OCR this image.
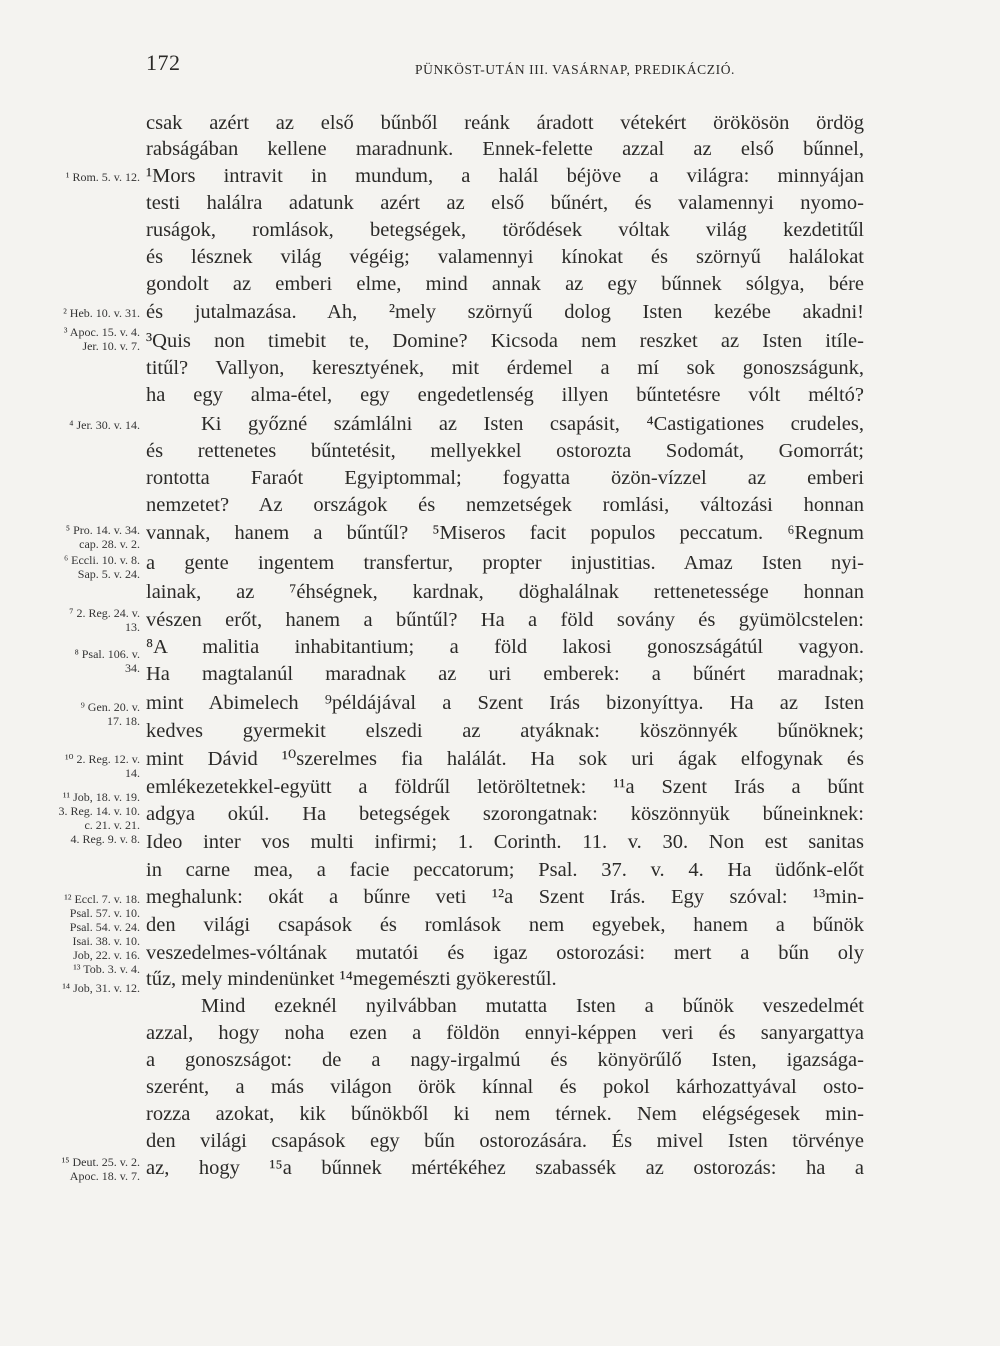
172	PÜNKÖST-UTÁN III. VASÁRNAP, PREDIKÁCZIÓ.
csak azért az első bűnből reánk áradott vétekért örökösön ördög
rabságában kellene maradnunk. Ennek-felette azzal az első bűnnel,
¹Mors intravit in mundum, a halál béjöve a világra: minnyájan
testi halálra adatunk azért az első bűnért, és valamennyi nyomo-
ruságok, romlások, betegségek, törődések vóltak világ kezdetitűl
és lésznek világ végéig; valamennyi kínokat és szörnyű halálokat
gondolt az emberi elme, mind annak az egy bűnnek sólgya, bére
és jutalmazása. Ah, ²mely szörnyű dolog Isten kezébe akadni!
³Quis non timebit te, Domine? Kicsoda nem reszket az Isten itíle-
titűl? Vallyon, keresztyének, mit érdemel a mí sok gonoszságunk,
ha egy alma-étel, egy engedetlenség illyen bűntetésre vólt méltó?
Ki győzné számlálni az Isten csapásit, ⁴Castigationes crudeles,
és rettenetes bűntetésit, mellyekkel ostorozta Sodomát, Gomorrát;
rontotta Faraót Egyiptommal; fogyatta özön-vízzel az emberi
nemzetet? Az országok és nemzetségek romlási, változási honnan
vannak, hanem a bűntűl? ⁵Miseros facit populos peccatum. ⁶Regnum
a gente ingentem transfertur, propter injustitias. Amaz Isten nyi-
lainak, az ⁷éhségnek, kardnak, döghalálnak rettenetessége honnan
vészen erőt, hanem a bűntűl? Ha a föld sovány és gyümölcstelen:
⁸A malitia inhabitantium; a föld lakosi gonoszságátúl vagyon.
Ha magtalanúl maradnak az uri emberek: a bűnért maradnak;
mint Abimelech ⁹példájával a Szent Irás bizonyíttya. Ha az Isten
kedves gyermekit elszedi az atyáknak: köszönnyék bűnöknek;
mint Dávid ¹⁰szerelmes fia halálát. Ha sok uri ágak elfogynak és
emlékezetekkel-együtt a földrűl letöröltetnek: ¹¹a Szent Irás a bűnt
adgya okúl. Ha betegségek szorongatnak: köszönnyük bűneinknek:
Ideo inter vos multi infirmi; 1. Corinth. 11. v. 30. Non est sanitas
in carne mea, a facie peccatorum; Psal. 37. v. 4. Ha üdőnk-előt
meghalunk: okát a bűnre veti ¹²a Szent Irás. Egy szóval: ¹³min-
den világi csapások és romlások nem egyebek, hanem a bűnök
veszedelmes-vóltának mutatói és igaz ostorozási: mert a bűn oly
tűz, mely mindenünket ¹⁴megemészti gyökerestűl.
Mind ezeknél nyilvábban mutatta Isten a bűnök veszedelmét
azzal, hogy noha ezen a földön ennyi-képpen veri és sanyargattya
a gonoszságot: de a nagy-irgalmú és könyörűlő Isten, igazsága-
szerént, a más világon örök kínnal és pokol kárhozattyával osto-
rozza azokat, kik bűnökből ki nem térnek. Nem elégségesek min-
den világi csapások egy bűn ostorozására. És mivel Isten törvénye
az, hogy ¹⁵a bűnnek mértékéhez szabassék az ostorozás: ha a
¹ Rom. 5. v. 12.
² Heb. 10. v. 31.
³ Apoc. 15. v. 4.
Jer. 10. v. 7.
⁴ Jer. 30. v. 14.
⁵ Pro. 14. v. 34.
cap. 28. v. 2.
⁶ Eccli. 10. v. 8.
Sap. 5. v. 24.
⁷ 2. Reg. 24. v.
13.
⁸ Psal. 106. v.
34.
⁹ Gen. 20. v.
17. 18.
¹⁰ 2. Reg. 12. v.
14.
¹¹ Job, 18. v. 19.
3. Reg. 14. v. 10.
c. 21. v. 21.
4. Reg. 9. v. 8.
¹² Eccl. 7. v. 18.
Psal. 57. v. 10.
Psal. 54. v. 24.
Isai. 38. v. 10.
Job, 22. v. 16.
¹³ Tob. 3. v. 4.
¹⁴ Job, 31. v. 12.
¹⁵ Deut. 25. v. 2.
Apoc. 18. v. 7.
